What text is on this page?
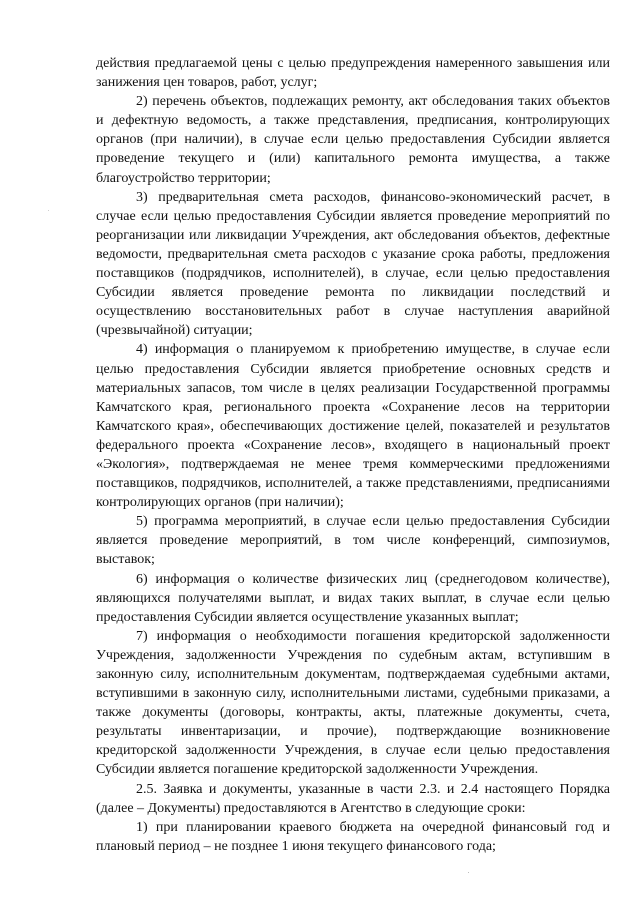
действия предлагаемой цены с целью предупреждения намеренного завышения или занижения цен товаров, работ, услуг;

2) перечень объектов, подлежащих ремонту, акт обследования таких объектов и дефектную ведомость, а также представления, предписания, контролирующих органов (при наличии), в случае если целью предоставления Субсидии является проведение текущего и (или) капитального ремонта имущества, а также благоустройство территории;

3) предварительная смета расходов, финансово-экономический расчет, в случае если целью предоставления Субсидии является проведение мероприятий по реорганизации или ликвидации Учреждения, акт обследования объектов, дефектные ведомости, предварительная смета расходов с указание срока работы, предложения поставщиков (подрядчиков, исполнителей), в случае, если целью предоставления Субсидии является проведение ремонта по ликвидации последствий и осуществлению восстановительных работ в случае наступления аварийной (чрезвычайной) ситуации;

4) информация о планируемом к приобретению имуществе, в случае если целью предоставления Субсидии является приобретение основных средств и материальных запасов, том числе в целях реализации Государственной программы Камчатского края, регионального проекта «Сохранение лесов на территории Камчатского края», обеспечивающих достижение целей, показателей и результатов федерального проекта «Сохранение лесов», входящего в национальный проект «Экология», подтверждаемая не менее тремя коммерческими предложениями поставщиков, подрядчиков, исполнителей, а также представлениями, предписаниями контролирующих органов (при наличии);

5) программа мероприятий, в случае если целью предоставления Субсидии является проведение мероприятий, в том числе конференций, симпозиумов, выставок;

6) информация о количестве физических лиц (среднегодовом количестве), являющихся получателями выплат, и видах таких выплат, в случае если целью предоставления Субсидии является осуществление указанных выплат;

7) информация о необходимости погашения кредиторской задолженности Учреждения, задолженности Учреждения по судебным актам, вступившим в законную силу, исполнительным документам, подтверждаемая судебными актами, вступившими в законную силу, исполнительными листами, судебными приказами, а также документы (договоры, контракты, акты, платежные документы, счета, результаты инвентаризации, и прочие), подтверждающие возникновение кредиторской задолженности Учреждения, в случае если целью предоставления Субсидии является погашение кредиторской задолженности Учреждения.

2.5. Заявка и документы, указанные в части 2.3. и 2.4 настоящего Порядка (далее – Документы) предоставляются в Агентство в следующие сроки:

1) при планировании краевого бюджета на очередной финансовый год и плановый период – не позднее 1 июня текущего финансового года;
